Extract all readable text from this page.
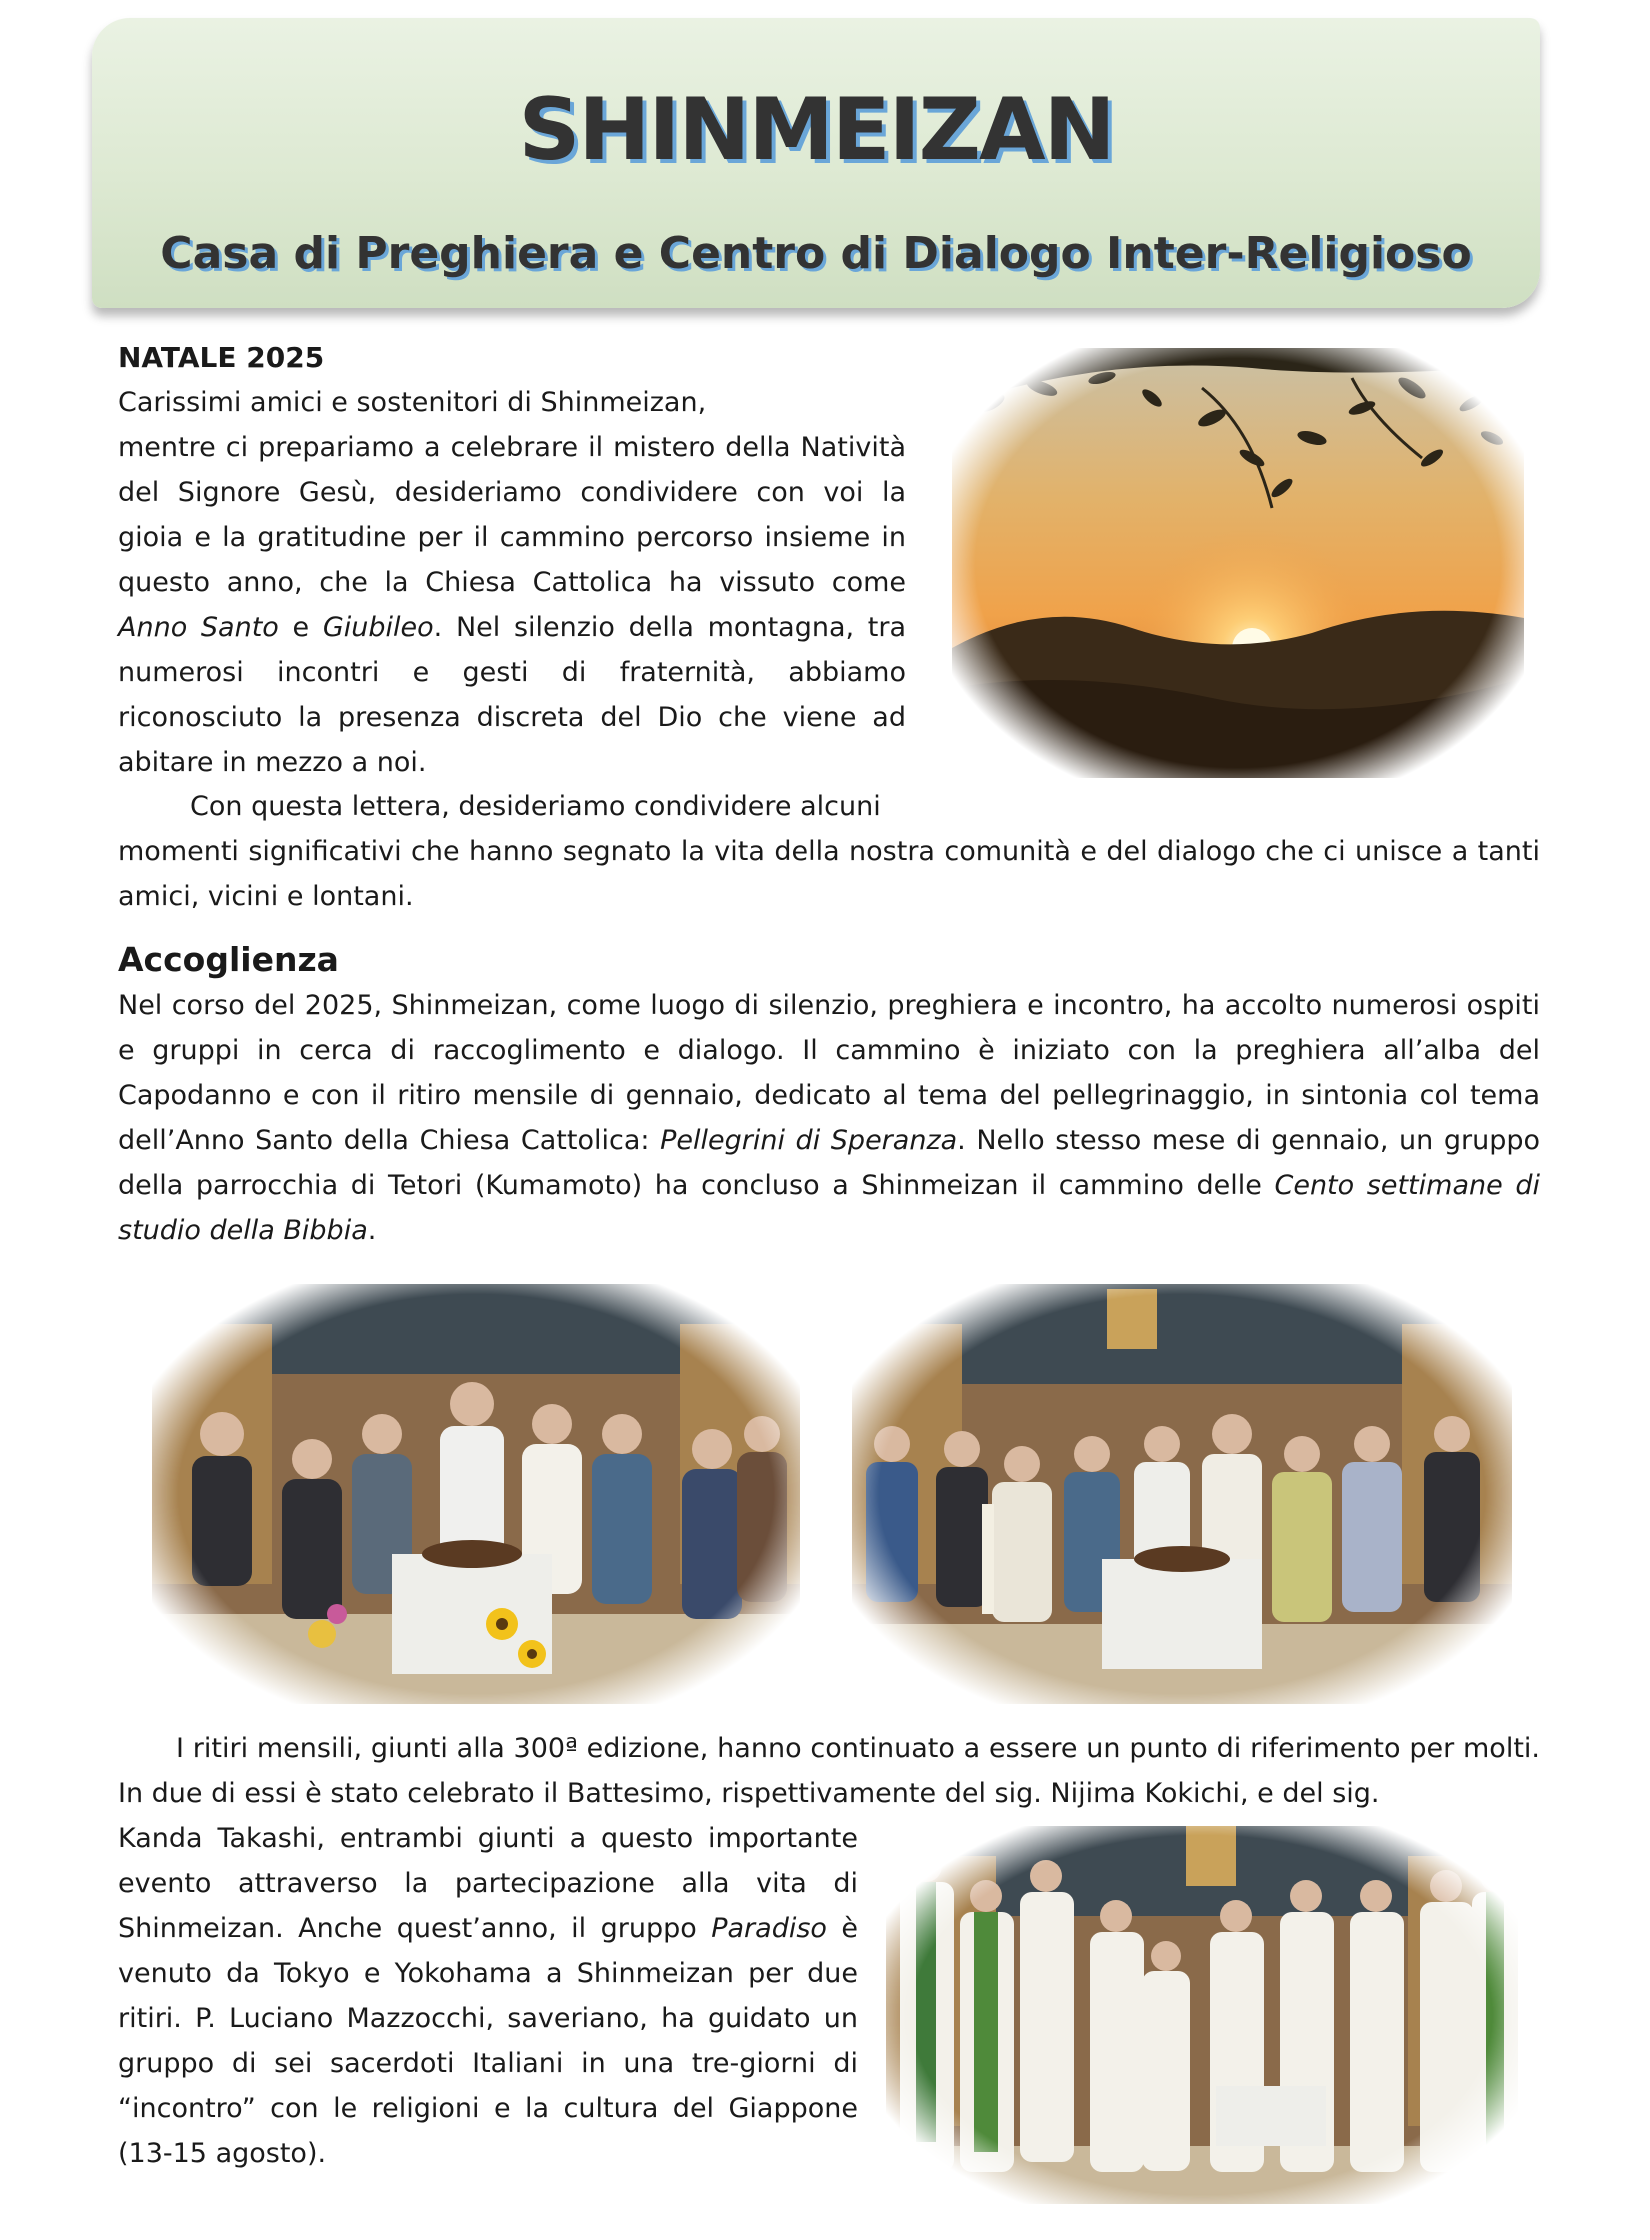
SHINMEIZAN
Casa di Preghiera e Centro di Dialogo Inter-Religioso
NATALE 2025
Carissimi amici e sostenitori di Shinmeizan,

mentre ci prepariamo a celebrare il mistero della Natività del Signore Gesù, desideriamo condividere con voi la gioia e la gratitudine per il cammino percorso insieme in questo anno, che la Chiesa Cattolica ha vissuto come Anno Santo e Giubileo. Nel silenzio della montagna, tra numerosi incontri e gesti di fraternità, abbiamo riconosciuto la presenza discreta del Dio che viene ad abitare in mezzo a noi.

Con questa lettera, desideriamo condividere alcuni

momenti significativi che hanno segnato la vita della nostra comunità e del dialogo che ci unisce a tanti amici, vicini e lontani.

Accoglienza

Nel corso del 2025, Shinmeizan, come luogo di silenzio, preghiera e incontro, ha accolto numerosi ospiti e gruppi in cerca di raccoglimento e dialogo. Il cammino è iniziato con la preghiera all’alba del Capodanno e con il ritiro mensile di gennaio, dedicato al tema del pellegrinaggio, in sintonia col tema dell’Anno Santo della Chiesa Cattolica: Pellegrini di Speranza. Nello stesso mese di gennaio, un gruppo della parrocchia di Tetori (Kumamoto) ha concluso a Shinmeizan il cammino delle Cento settimane di studio della Bibbia.

I ritiri mensili, giunti alla 300ª edizione, hanno continuato a essere un punto di riferimento per molti. In due di essi è stato celebrato il Battesimo, rispettivamente del sig. Nijima Kokichi, e del sig.

Kanda Takashi, entrambi giunti a questo importante evento attraverso la partecipazione alla vita di Shinmeizan. Anche quest’anno, il gruppo Paradiso è venuto da Tokyo e Yokohama a Shinmeizan per due ritiri. P. Luciano Mazzocchi, saveriano, ha guidato un gruppo di sei sacerdoti Italiani in una tre-giorni di “incontro” con le religioni e la cultura del Giappone (13-15 agosto).
